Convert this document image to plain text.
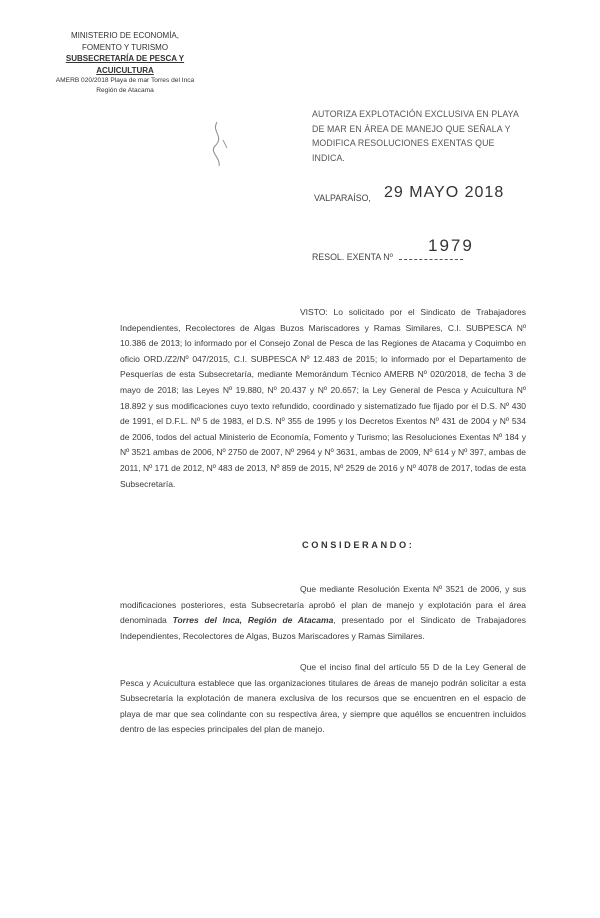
MINISTERIO DE ECONOMÍA,
FOMENTO Y TURISMO
SUBSECRETARÍA DE PESCA Y ACUICULTURA
AMERB 020/2018 Playa de mar Torres del Inca
Región de Atacama
AUTORIZA EXPLOTACIÓN EXCLUSIVA EN PLAYA DE MAR EN ÁREA DE MANEJO QUE SEÑALA Y MODIFICA RESOLUCIONES EXENTAS QUE INDICA.
VALPARAÍSO, 29 MAYO 2018
RESOL. EXENTA Nº
1979
VISTO: Lo solicitado por el Sindicato de Trabajadores Independientes, Recolectores de Algas Buzos Mariscadores y Ramas Similares, C.I. SUBPESCA Nº 10.386 de 2013; lo informado por el Consejo Zonal de Pesca de las Regiones de Atacama y Coquimbo en oficio ORD./Z2/Nº 047/2015, C.I. SUBPESCA Nº 12.483 de 2015; lo informado por el Departamento de Pesquerías de esta Subsecretaría, mediante Memorándum Técnico AMERB Nº 020/2018, de fecha 3 de mayo de 2018; las Leyes Nº 19.880, Nº 20.437 y Nº 20.657; la Ley General de Pesca y Acuicultura Nº 18.892 y sus modificaciones cuyo texto refundido, coordinado y sistematizado fue fijado por el D.S. Nº 430 de 1991, el D.F.L. Nº 5 de 1983, el D.S. Nº 355 de 1995 y los Decretos Exentos Nº 431 de 2004 y Nº 534 de 2006, todos del actual Ministerio de Economía, Fomento y Turismo; las Resoluciones Exentas Nº 184 y Nº 3521 ambas de 2006, Nº 2750 de 2007, Nº 2964 y Nº 3631, ambas de 2009, Nº 614 y Nº 397, ambas de 2011, Nº 171 de 2012, Nº 483 de 2013, Nº 859 de 2015, Nº 2529 de 2016 y Nº 4078 de 2017, todas de esta Subsecretaría.
CONSIDERANDO:
Que mediante Resolución Exenta Nº 3521 de 2006, y sus modificaciones posteriores, esta Subsecretaría aprobó el plan de manejo y explotación para el área denominada Torres del Inca, Región de Atacama, presentado por el Sindicato de Trabajadores Independientes, Recolectores de Algas, Buzos Mariscadores y Ramas Similares.
Que el inciso final del artículo 55 D de la Ley General de Pesca y Acuicultura establece que las organizaciones titulares de áreas de manejo podrán solicitar a esta Subsecretaría la explotación de manera exclusiva de los recursos que se encuentren en el espacio de playa de mar que sea colindante con su respectiva área, y siempre que aquéllos se encuentren incluidos dentro de las especies principales del plan de manejo.
